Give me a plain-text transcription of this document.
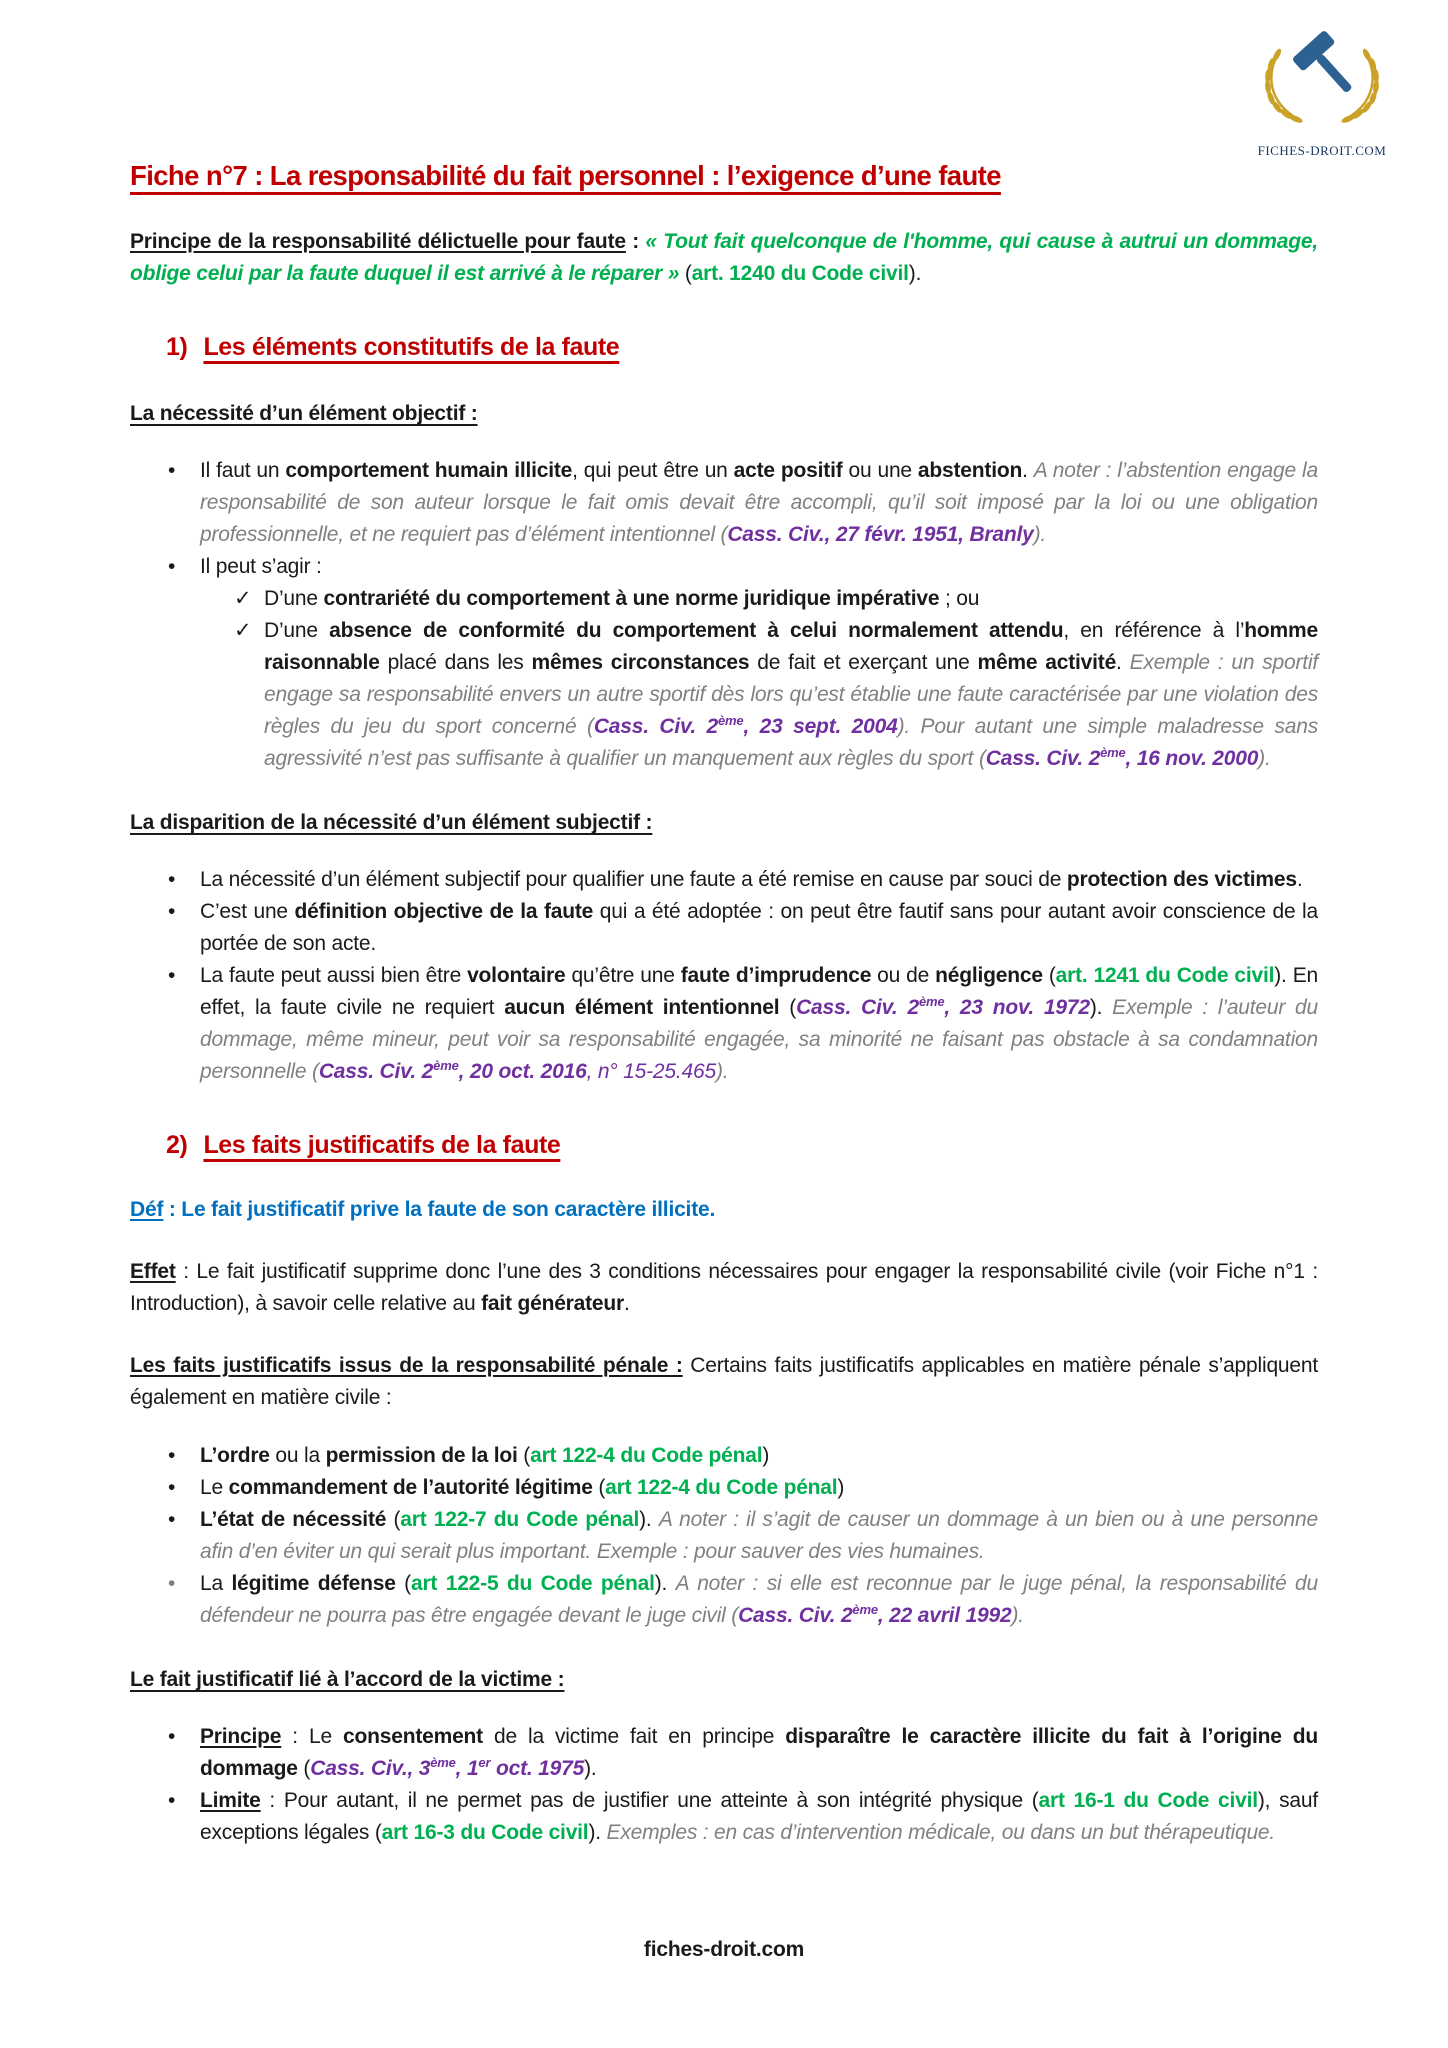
FICHES-DROIT.COM
Fiche n°7 : La responsabilité du fait personnel : l’exigence d’une faute

Principe de la responsabilité délictuelle pour faute : « Tout fait quelconque de l'homme, qui cause à autrui un dommage, oblige celui par la faute duquel il est arrivé à le réparer » (art. 1240 du Code civil).

1) Les éléments constitutifs de la faute
La nécessité d’un élément objectif :
•	Il faut un comportement humain illicite, qui peut être un acte positif ou une abstention. A noter : l’abstention engage la responsabilité de son auteur lorsque le fait omis devait être accompli, qu’il soit imposé par la loi ou une obligation professionnelle, et ne requiert pas d’élément intentionnel (Cass. Civ., 27 févr. 1951, Branly).
•	Il peut s’agir :
✓ D’une contrariété du comportement à une norme juridique impérative ; ou
✓ D’une absence de conformité du comportement à celui normalement attendu, en référence à l’homme raisonnable placé dans les mêmes circonstances de fait et exerçant une même activité. Exemple : un sportif engage sa responsabilité envers un autre sportif dès lors qu’est établie une faute caractérisée par une violation des règles du jeu du sport concerné (Cass. Civ. 2ème, 23 sept. 2004). Pour autant une simple maladresse sans agressivité n’est pas suffisante à qualifier un manquement aux règles du sport (Cass. Civ. 2ème, 16 nov. 2000).
La disparition de la nécessité d’un élément subjectif :
•	La nécessité d’un élément subjectif pour qualifier une faute a été remise en cause par souci de protection des victimes.
•	C’est une définition objective de la faute qui a été adoptée : on peut être fautif sans pour autant avoir conscience de la portée de son acte.
•	La faute peut aussi bien être volontaire qu’être une faute d’imprudence ou de négligence (art. 1241 du Code civil). En effet, la faute civile ne requiert aucun élément intentionnel (Cass. Civ. 2ème, 23 nov. 1972). Exemple : l’auteur du dommage, même mineur, peut voir sa responsabilité engagée, sa minorité ne faisant pas obstacle à sa condamnation personnelle (Cass. Civ. 2ème, 20 oct. 2016, n° 15-25.465).
2) Les faits justificatifs de la faute

Déf : Le fait justificatif prive la faute de son caractère illicite.

Effet : Le fait justificatif supprime donc l’une des 3 conditions nécessaires pour engager la responsabilité civile (voir Fiche n°1 : Introduction), à savoir celle relative au fait générateur.

Les faits justificatifs issus de la responsabilité pénale : Certains faits justificatifs applicables en matière pénale s’appliquent également en matière civile :

•	L’ordre ou la permission de la loi (art 122-4 du Code pénal)
•	Le commandement de l’autorité légitime (art 122-4 du Code pénal)
•	L’état de nécessité (art 122-7 du Code pénal). A noter : il s’agit de causer un dommage à un bien ou à une personne afin d’en éviter un qui serait plus important. Exemple : pour sauver des vies humaines.
•	La légitime défense (art 122-5 du Code pénal). A noter : si elle est reconnue par le juge pénal, la responsabilité du défendeur ne pourra pas être engagée devant le juge civil (Cass. Civ. 2ème, 22 avril 1992).
Le fait justificatif lié à l’accord de la victime :
•	Principe : Le consentement de la victime fait en principe disparaître le caractère illicite du fait à l’origine du dommage (Cass. Civ., 3ème, 1er oct. 1975).
•	Limite : Pour autant, il ne permet pas de justifier une atteinte à son intégrité physique (art 16-1 du Code civil), sauf exceptions légales (art 16-3 du Code civil). Exemples : en cas d’intervention médicale, ou dans un but thérapeutique.
fiches-droit.com
